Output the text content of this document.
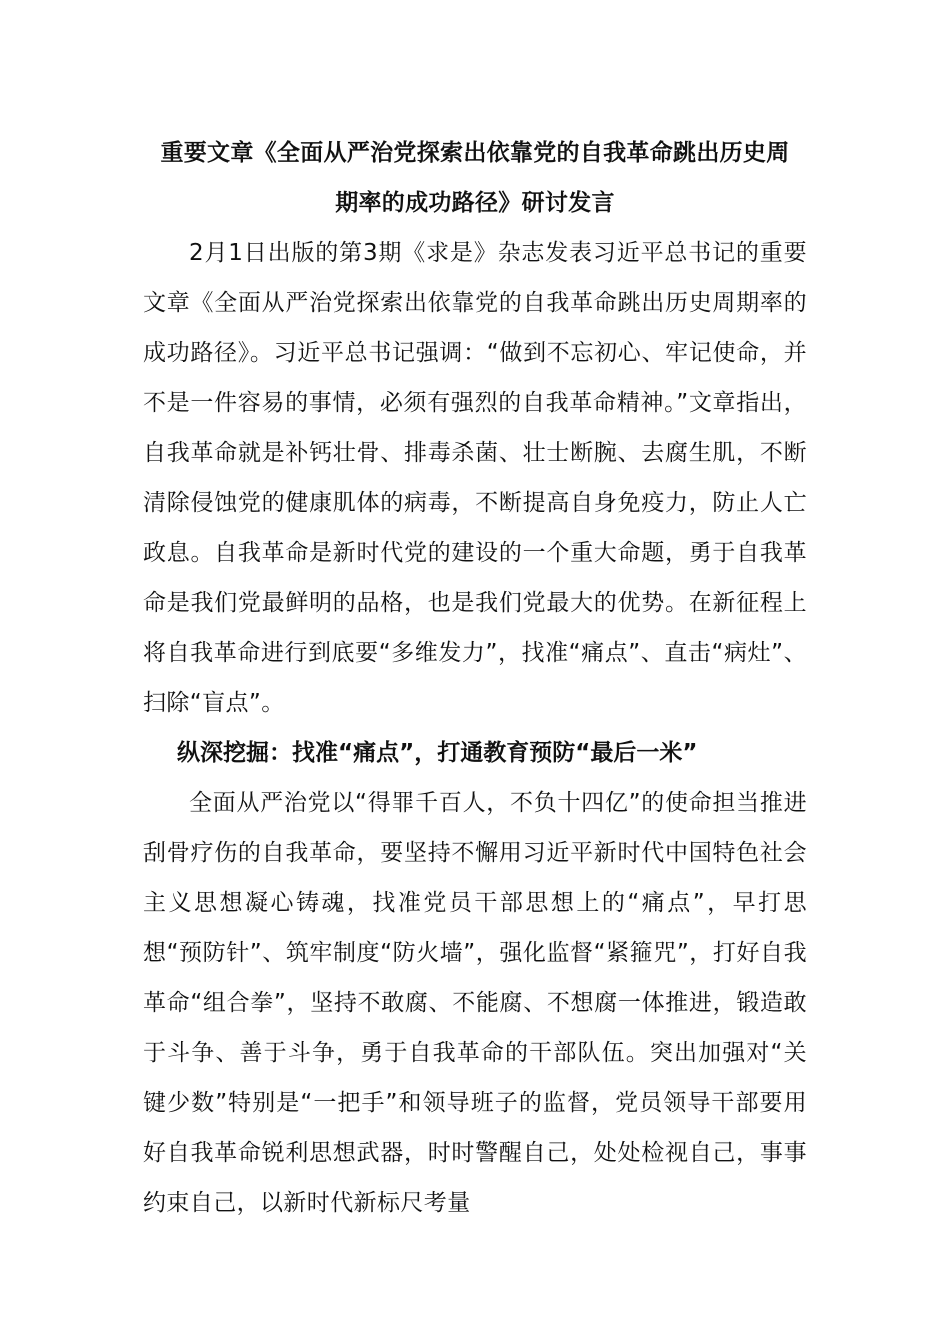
重要文章《全面从严治党探索出依靠党的自我革命跳出历史周
期率的成功路径》研讨发言

2月1日出版的第3期《求是》杂志发表习近平总书记的重要文章《全面从严治党探索出依靠党的自我革命跳出历史周期率的成功路径》。习近平总书记强调：“做到不忘初心、牢记使命，并不是一件容易的事情，必须有强烈的自我革命精神。”文章指出，自我革命就是补钙壮骨、排毒杀菌、壮士断腕、去腐生肌，不断清除侵蚀党的健康肌体的病毒，不断提高自身免疫力，防止人亡政息。自我革命是新时代党的建设的一个重大命题，勇于自我革命是我们党最鲜明的品格，也是我们党最大的优势。在新征程上将自我革命进行到底要“多维发力”，找准“痛点”、直击“病灶”、扫除“盲点”。

纵深挖掘：找准“痛点”，打通教育预防“最后一米”

全面从严治党以“得罪千百人，不负十四亿”的使命担当推进刮骨疗伤的自我革命，要坚持不懈用习近平新时代中国特色社会主义思想凝心铸魂，找准党员干部思想上的“痛点”，早打思想“预防针”、筑牢制度“防火墙”，强化监督“紧箍咒”，打好自我革命“组合拳”，坚持不敢腐、不能腐、不想腐一体推进，锻造敢于斗争、善于斗争，勇于自我革命的干部队伍。突出加强对“关键少数”特别是“一把手”和领导班子的监督，党员领导干部要用好自我革命锐利思想武器，时时警醒自己，处处检视自己，事事约束自己，以新时代新标尺考量
